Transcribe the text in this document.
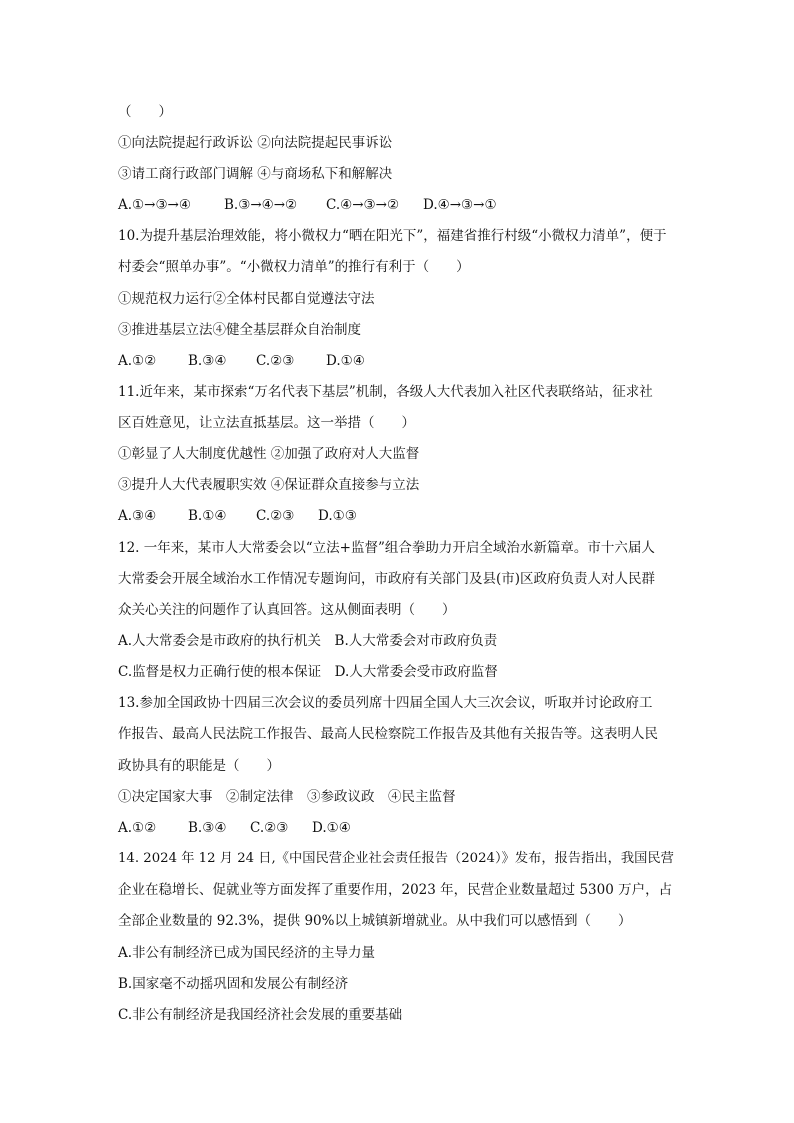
（　　）
①向法院提起行政诉讼 ②向法院提起民事诉讼
③请工商行政部门调解 ④与商场私下和解解决
A.①→③→④ B.③→④→② C.④→③→② D.④→③→①
10.为提升基层治理效能，将小微权力“晒在阳光下”，福建省推行村级“小微权力清单”，便于
村委会“照单办事”。“小微权力清单”的推行有利于（　　）
①规范权力运行②全体村民都自觉遵法守法
③推进基层立法④健全基层群众自治制度
A.①② B.③④ C.②③ D.①④
11.近年来，某市探索“万名代表下基层”机制，各级人大代表加入社区代表联络站，征求社
区百姓意见，让立法直抵基层。这一举措（　　）
①彰显了人大制度优越性 ②加强了政府对人大监督
③提升人大代表履职实效 ④保证群众直接参与立法
A.③④ B.①④ C.②③ D.①③
12. 一年来，某市人大常委会以“立法+监督”组合拳助力开启全域治水新篇章。市十六届人
大常委会开展全域治水工作情况专题询问，市政府有关部门及县(市)区政府负责人对人民群
众关心关注的问题作了认真回答。这从侧面表明（　　）
A.人大常委会是市政府的执行机关　B.人大常委会对市政府负责
C.监督是权力正确行使的根本保证　D.人大常委会受市政府监督
13.参加全国政协十四届三次会议的委员列席十四届全国人大三次会议，听取并讨论政府工
作报告、最高人民法院工作报告、最高人民检察院工作报告及其他有关报告等。这表明人民
政协具有的职能是（　　）
①决定国家大事　②制定法律　③参政议政　④民主监督
A.①② B.③④ C.②③ D.①④
14. 2024 年 12 月 24 日,《中国民营企业社会责任报告（2024）》发布，报告指出，我国民营
企业在稳增长、促就业等方面发挥了重要作用，2023 年，民营企业数量超过 5300 万户，占
全部企业数量的 92.3%，提供 90%以上城镇新增就业。从中我们可以感悟到（　　）
A.非公有制经济已成为国民经济的主导力量
B.国家毫不动摇巩固和发展公有制经济
C.非公有制经济是我国经济社会发展的重要基础
